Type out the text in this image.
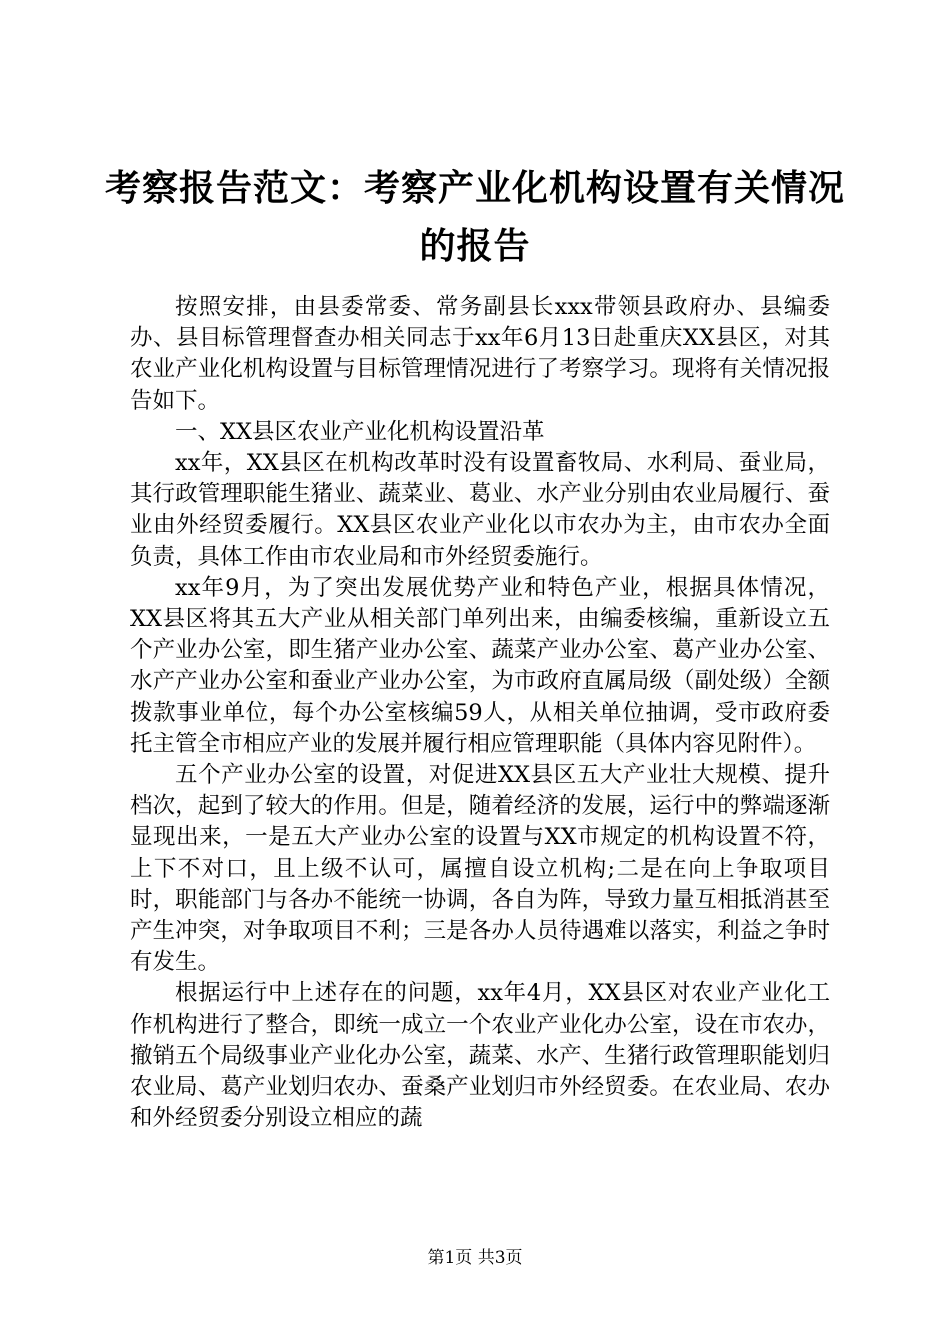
考察报告范文：考察产业化机构设置有关情况
的报告

按照安排，由县委常委、常务副县长xxx带领县政府办、县编委办、县目标管理督查办相关同志于xx年6月13日赴重庆XX县区，对其农业产业化机构设置与目标管理情况进行了考察学习。现将有关情况报告如下。

一、XX县区农业产业化机构设置沿革

xx年，XX县区在机构改革时没有设置畜牧局、水利局、蚕业局，其行政管理职能生猪业、蔬菜业、葛业、水产业分别由农业局履行、蚕业由外经贸委履行。XX县区农业产业化以市农办为主，由市农办全面负责，具体工作由市农业局和市外经贸委施行。

xx年9月，为了突出发展优势产业和特色产业，根据具体情况，XX县区将其五大产业从相关部门单列出来，由编委核编，重新设立五个产业办公室，即生猪产业办公室、蔬菜产业办公室、葛产业办公室、水产产业办公室和蚕业产业办公室，为市政府直属局级（副处级）全额拨款事业单位，每个办公室核编59人，从相关单位抽调，受市政府委托主管全市相应产业的发展并履行相应管理职能（具体内容见附件）。

五个产业办公室的设置，对促进XX县区五大产业壮大规模、提升档次，起到了较大的作用。但是，随着经济的发展，运行中的弊端逐渐显现出来，一是五大产业办公室的设置与XX市规定的机构设置不符，上下不对口，且上级不认可，属擅自设立机构;二是在向上争取项目时，职能部门与各办不能统一协调，各自为阵，导致力量互相抵消甚至产生冲突，对争取项目不利；三是各办人员待遇难以落实，利益之争时有发生。

根据运行中上述存在的问题，xx年4月，XX县区对农业产业化工作机构进行了整合，即统一成立一个农业产业化办公室，设在市农办，撤销五个局级事业产业化办公室，蔬菜、水产、生猪行政管理职能划归农业局、葛产业划归农办、蚕桑产业划归市外经贸委。在农业局、农办和外经贸委分别设立相应的蔬

第1页 共3页
